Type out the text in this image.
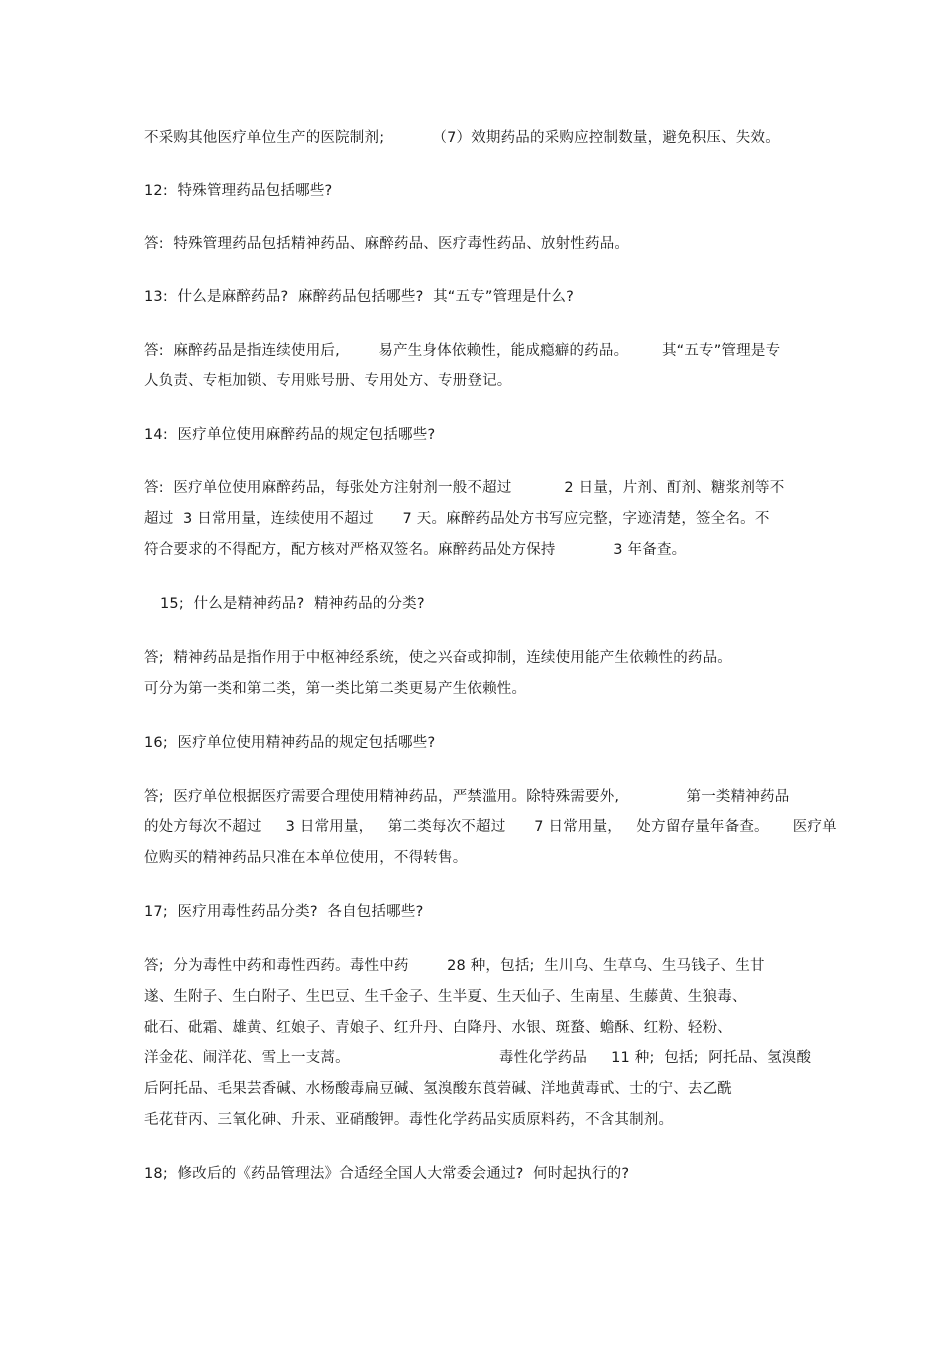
不采购其他医疗单位生产的医院制剂;          （7）效期药品的采购应控制数量，避免积压、失效。
12:  特殊管理药品包括哪些?
答:  特殊管理药品包括精神药品、麻醉药品、医疗毒性药品、放射性药品。
13:  什么是麻醉药品?  麻醉药品包括哪些?  其“五专”管理是什么?
答:  麻醉药品是指连续使用后,        易产生身体依赖性，能成瘾癖的药品。       其“五专”管理是专
人负责、专柜加锁、专用账号册、专用处方、专册登记。
14:  医疗单位使用麻醉药品的规定包括哪些?
答:  医疗单位使用麻醉药品，每张处方注射剂一般不超过           2 日量，片剂、酊剂、糖浆剂等不
超过  3 日常用量，连续使用不超过      7 天。麻醉药品处方书写应完整，字迹清楚，签全名。不
符合要求的不得配方，配方核对严格双签名。麻醉药品处方保持            3 年备查。
15;  什么是精神药品?  精神药品的分类?
答;  精神药品是指作用于中枢神经系统，使之兴奋或抑制，连续使用能产生依赖性的药品。
可分为第一类和第二类，第一类比第二类更易产生依赖性。
16;  医疗单位使用精神药品的规定包括哪些?
答;  医疗单位根据医疗需要合理使用精神药品，严禁滥用。除特殊需要外,              第一类精神药品
的处方每次不超过     3 日常用量，   第二类每次不超过      7 日常用量，   处方留存量年备查。     医疗单
位购买的精神药品只准在本单位使用，不得转售。
17;  医疗用毒性药品分类?  各自包括哪些?
答;  分为毒性中药和毒性西药。毒性中药        28 种，包括;  生川乌、生草乌、生马钱子、生甘
遂、生附子、生白附子、生巴豆、生千金子、生半夏、生天仙子、生南星、生藤黄、生狼毒、
砒石、砒霜、雄黄、红娘子、青娘子、红升丹、白降丹、水银、斑蝥、蟾酥、红粉、轻粉、
洋金花、闹洋花、雪上一支蒿。                               毒性化学药品     11 种;  包括;  阿托品、氢溴酸
后阿托品、毛果芸香碱、水杨酸毒扁豆碱、氢溴酸东莨菪碱、洋地黄毒甙、士的宁、去乙酰
毛花苷丙、三氧化砷、升汞、亚硝酸钾。毒性化学药品实质原料药，不含其制剂。
18;  修改后的《药品管理法》合适经全国人大常委会通过?  何时起执行的?
